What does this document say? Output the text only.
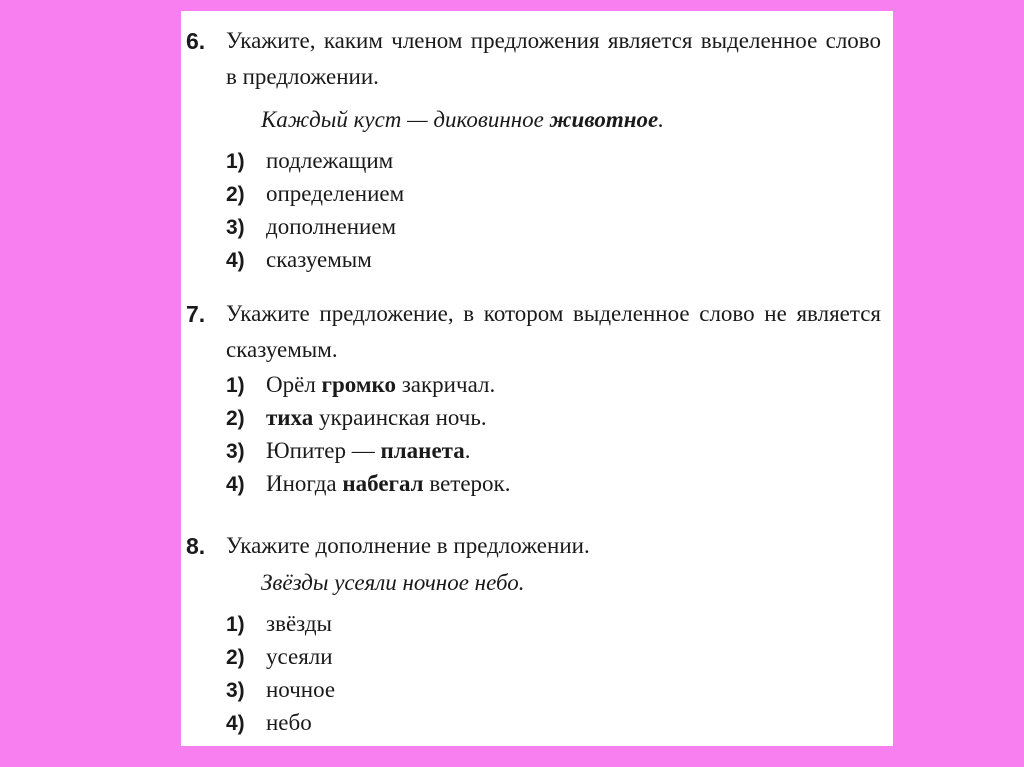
6. Укажите, каким членом предложения является выделенное слово в предложении.

Каждый куст — диковинное животное.
1) подлежащим
2) определением
3) дополнением
4) сказуемым
7. Укажите предложение, в котором выделенное слово не является сказуемым.

1) Орёл громко закричал.
2) тиха украинская ночь.
3) Юпитер — планета.
4) Иногда набегал ветерок.
8. Укажите дополнение в предложении.

Звёзды усеяли ночное небо.
1) звёзды
2) усеяли
3) ночное
4) небо
